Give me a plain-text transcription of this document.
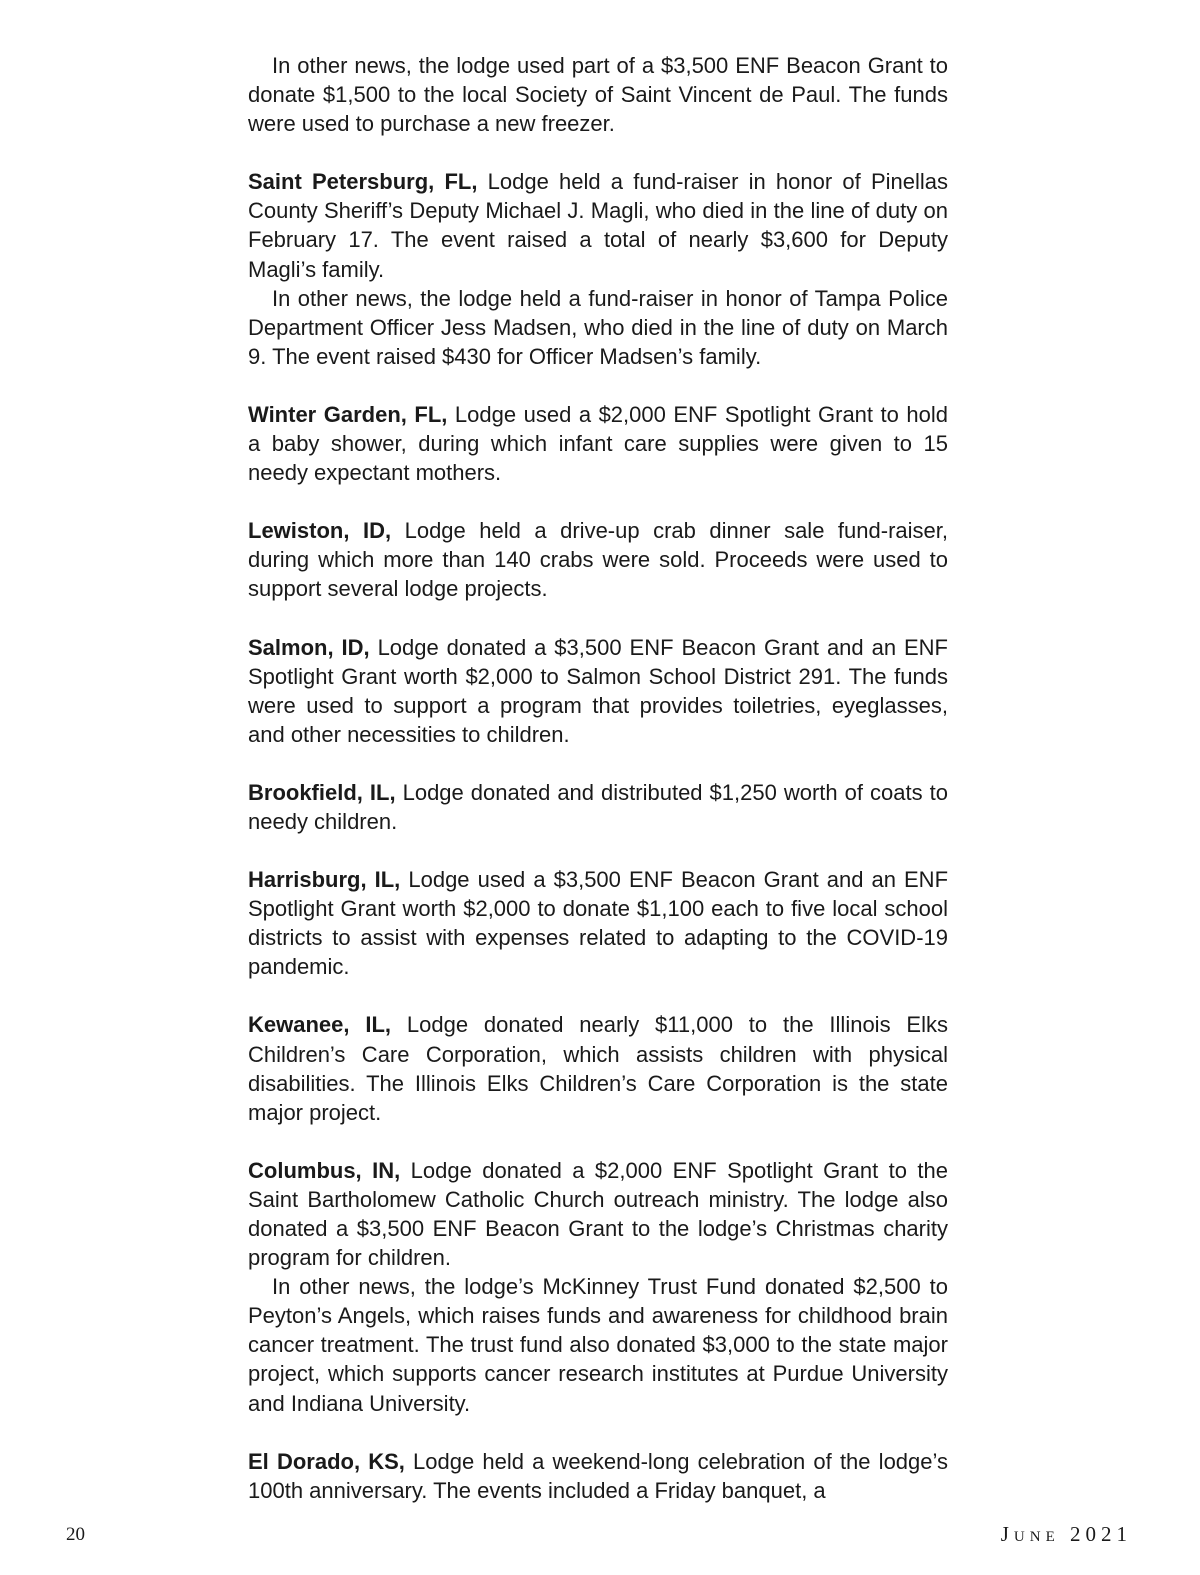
In other news, the lodge used part of a $3,500 ENF Beacon Grant to donate $1,500 to the local Society of Saint Vincent de Paul. The funds were used to purchase a new freezer.

Saint Petersburg, FL, Lodge held a fund-raiser in honor of Pinellas County Sheriff’s Deputy Michael J. Magli, who died in the line of duty on February 17. The event raised a total of nearly $3,600 for Deputy Magli’s family.

In other news, the lodge held a fund-raiser in honor of Tampa Police Department Officer Jess Madsen, who died in the line of duty on March 9. The event raised $430 for Officer Madsen’s family.

Winter Garden, FL, Lodge used a $2,000 ENF Spotlight Grant to hold a baby shower, during which infant care supplies were given to 15 needy expectant mothers.

Lewiston, ID, Lodge held a drive-up crab dinner sale fund-raiser, during which more than 140 crabs were sold. Proceeds were used to support several lodge projects.

Salmon, ID, Lodge donated a $3,500 ENF Beacon Grant and an ENF Spotlight Grant worth $2,000 to Salmon School District 291. The funds were used to support a program that provides toiletries, eyeglasses, and other necessities to children.

Brookfield, IL, Lodge donated and distributed $1,250 worth of coats to needy children.

Harrisburg, IL, Lodge used a $3,500 ENF Beacon Grant and an ENF Spotlight Grant worth $2,000 to donate $1,100 each to five local school districts to assist with expenses related to adapting to the COVID-19 pandemic.

Kewanee, IL, Lodge donated nearly $11,000 to the Illinois Elks Children’s Care Corporation, which assists children with physical disabilities. The Illinois Elks Children’s Care Corporation is the state major project.

Columbus, IN, Lodge donated a $2,000 ENF Spotlight Grant to the Saint Bartholomew Catholic Church outreach ministry. The lodge also donated a $3,500 ENF Beacon Grant to the lodge’s Christmas charity program for children.

In other news, the lodge’s McKinney Trust Fund donated $2,500 to Peyton’s Angels, which raises funds and awareness for childhood brain cancer treatment. The trust fund also donated $3,000 to the state major project, which supports cancer research institutes at Purdue University and Indiana University.

El Dorado, KS, Lodge held a weekend-long celebration of the lodge’s 100th anniversary. The events included a Friday banquet, a

20	June 2021
